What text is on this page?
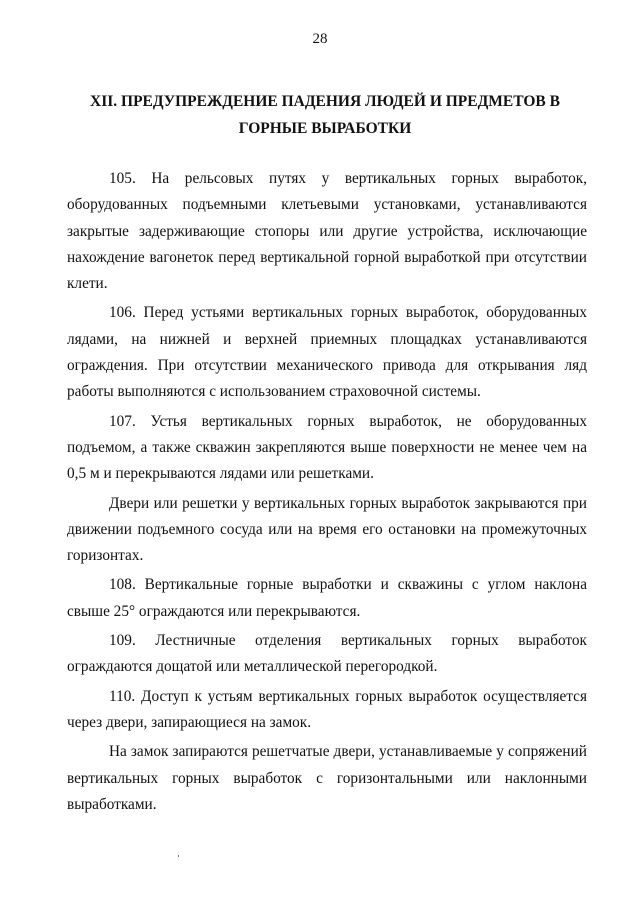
28
XII. ПРЕДУПРЕЖДЕНИЕ ПАДЕНИЯ ЛЮДЕЙ И ПРЕДМЕТОВ В ГОРНЫЕ ВЫРАБОТКИ

105. На рельсовых путях у вертикальных горных выработок, оборудованных подъемными клетьевыми установками, устанавливаются закрытые задерживающие стопоры или другие устройства, исключающие нахождение вагонеток перед вертикальной горной выработкой при отсутствии клети.

106. Перед устьями вертикальных горных выработок, оборудованных лядами, на нижней и верхней приемных площадках устанавливаются ограждения. При отсутствии механического привода для открывания ляд работы выполняются с использованием страховочной системы.

107. Устья вертикальных горных выработок, не оборудованных подъемом, а также скважин закрепляются выше поверхности не менее чем на 0,5 м и перекрываются лядами или решетками.

Двери или решетки у вертикальных горных выработок закрываются при движении подъемного сосуда или на время его остановки на промежуточных горизонтах.

108. Вертикальные горные выработки и скважины с углом наклона свыше 25° ограждаются или перекрываются.

109. Лестничные отделения вертикальных горных выработок ограждаются дощатой или металлической перегородкой.

110. Доступ к устьям вертикальных горных выработок осуществляется через двери, запирающиеся на замок.

На замок запираются решетчатые двери, устанавливаемые у сопряжений вертикальных горных выработок с горизонтальными или наклонными выработками.
